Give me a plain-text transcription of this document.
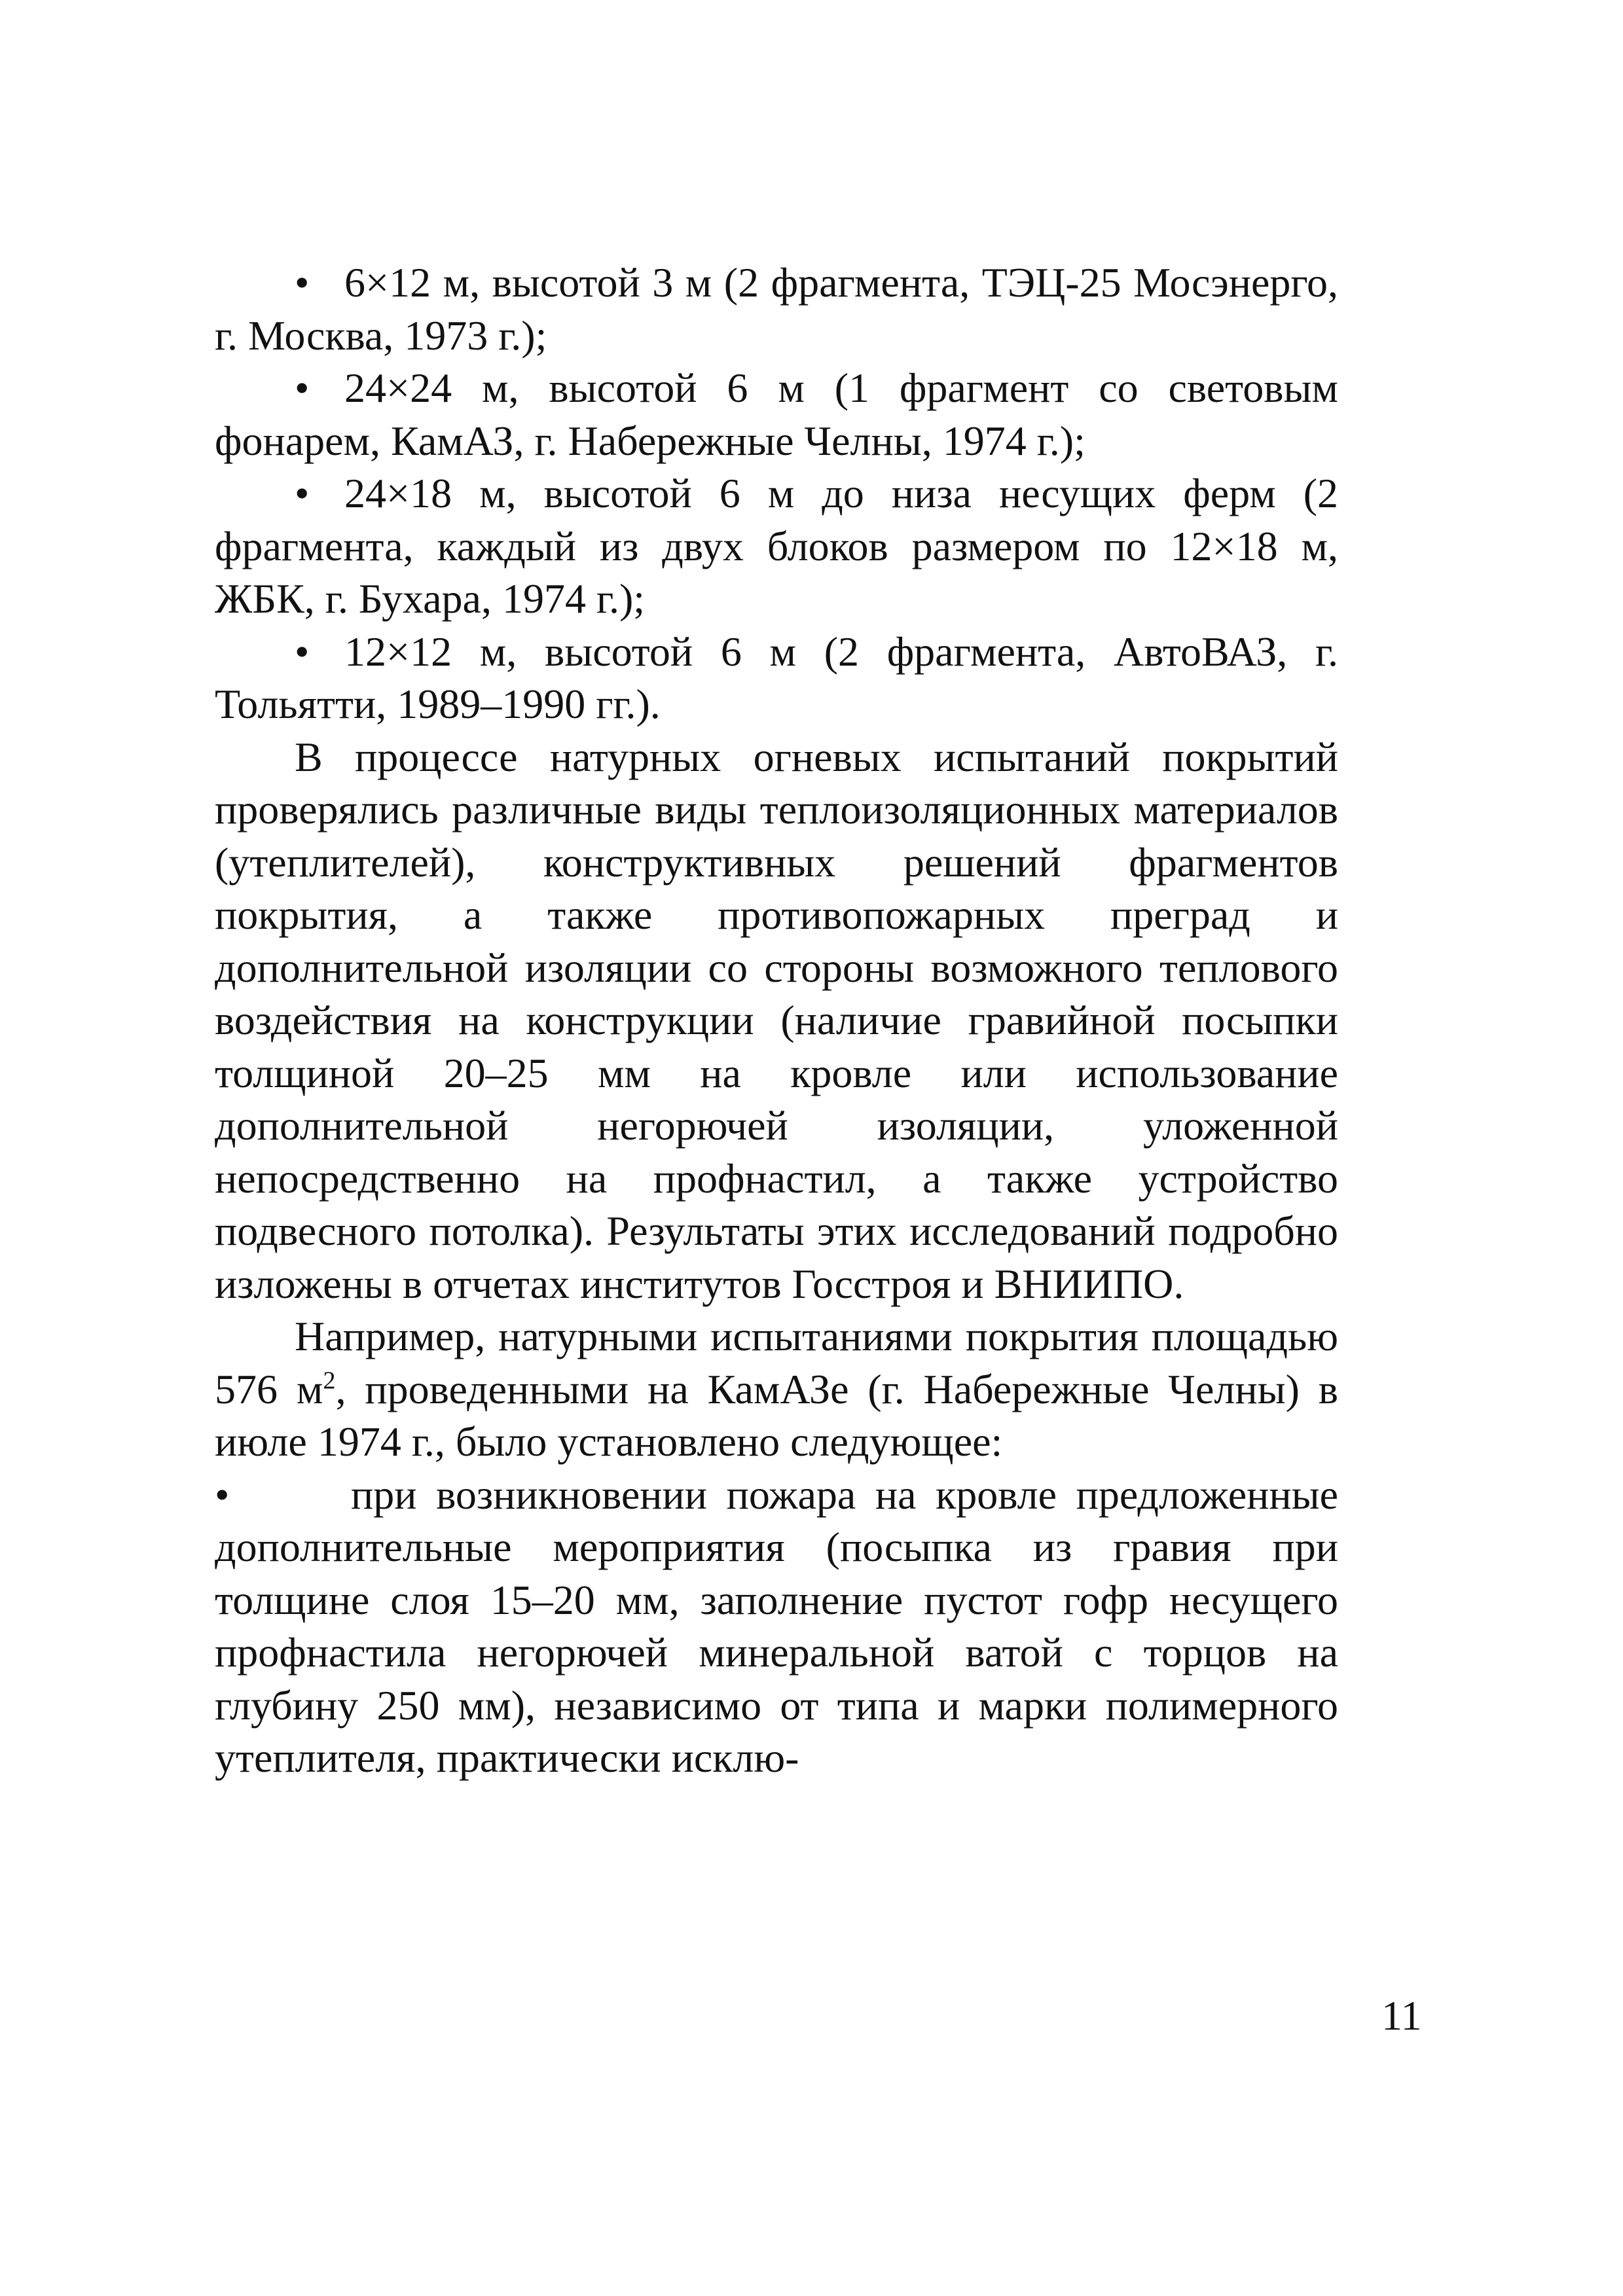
• 6×12 м, высотой 3 м (2 фрагмента, ТЭЦ-25 Мосэнерго, г. Москва, 1973 г.);

• 24×24 м, высотой 6 м (1 фрагмент со световым фонарем, КамАЗ, г. Набережные Челны, 1974 г.);

• 24×18 м, высотой 6 м до низа несущих ферм (2 фрагмента, каждый из двух блоков размером по 12×18 м, ЖБК, г. Бухара, 1974 г.);

• 12×12 м, высотой 6 м (2 фрагмента, АвтоВАЗ, г. Тольятти, 1989–1990 гг.).

В процессе натурных огневых испытаний покрытий проверялись различные виды теплоизоляционных материалов (утеплителей), конструктивных решений фрагментов покрытия, а также противопожарных преград и дополнительной изоляции со стороны возможного теплового воздействия на конструкции (наличие гравийной посыпки толщиной 20–25 мм на кровле или использование дополнительной негорючей изоляции, уложенной непосредственно на профнастил, а также устройство подвесного потолка). Результаты этих исследований подробно изложены в отчетах институтов Госстроя и ВНИИПО.

Например, натурными испытаниями покрытия площадью 576 $м^2$, проведенными на КамАЗе (г. Набережные Челны) в июле 1974 г., было установлено следующее:

•	при возникновении пожара на кровле предложенные дополнительные мероприятия (посыпка из гравия при толщине слоя 15–20 мм, заполнение пустот гофр несущего профнастила негорючей минеральной ватой с торцов на глубину 250 мм), независимо от типа и марки полимерного утеплителя, практически исклю-

11
